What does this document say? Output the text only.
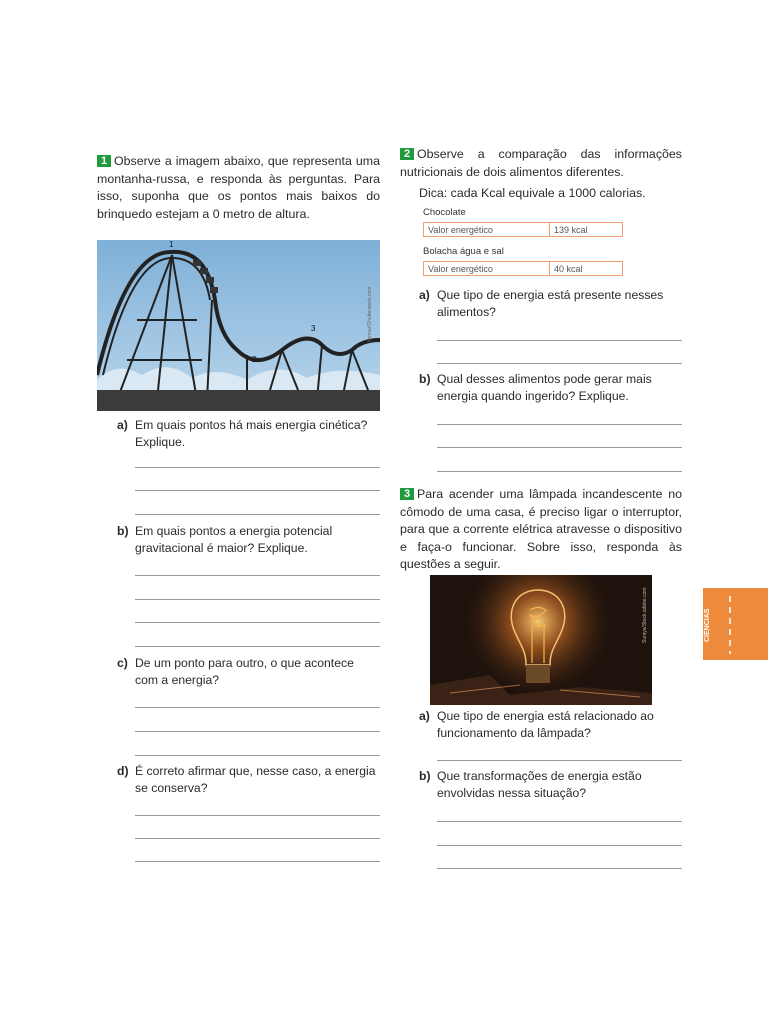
1 Observe a imagem abaixo, que representa uma montanha-russa, e responda às perguntas. Para isso, suponha que os pontos mais baixos do brinquedo estejam a 0 metro de altura.

1
2
3	Ivemar/Shutterstock.com
a) Em quais pontos há mais energia cinética? Explique.
b) Em quais pontos a energia potencial gravitacional é maior? Explique.
c) De um ponto para outro, o que acontece com a energia?
d) É correto afirmar que, nesse caso, a energia se conserva?

2 Observe a comparação das informações nutricionais de dois alimentos diferentes.

Dica: cada Kcal equivale a 1000 calorias.
Chocolate
Valor energético	139 kcal
Bolacha água e sal
Valor energético	40 kcal
a) Que tipo de energia está presente nesses alimentos?
b) Qual desses alimentos pode gerar mais energia quando ingerido? Explique.

3 Para acender uma lâmpada incandescente no cômodo de uma casa, é preciso ligar o interruptor, para que a corrente elétrica atravesse o dispositivo e faça-o funcionar. Sobre isso, responda às questões a seguir.

Sumya/Stock.adobe.com
a) Que tipo de energia está relacionado ao funcionamento da lâmpada?
b) Que transformações de energia estão envolvidas nessa situação?
CIÊNCIAS
